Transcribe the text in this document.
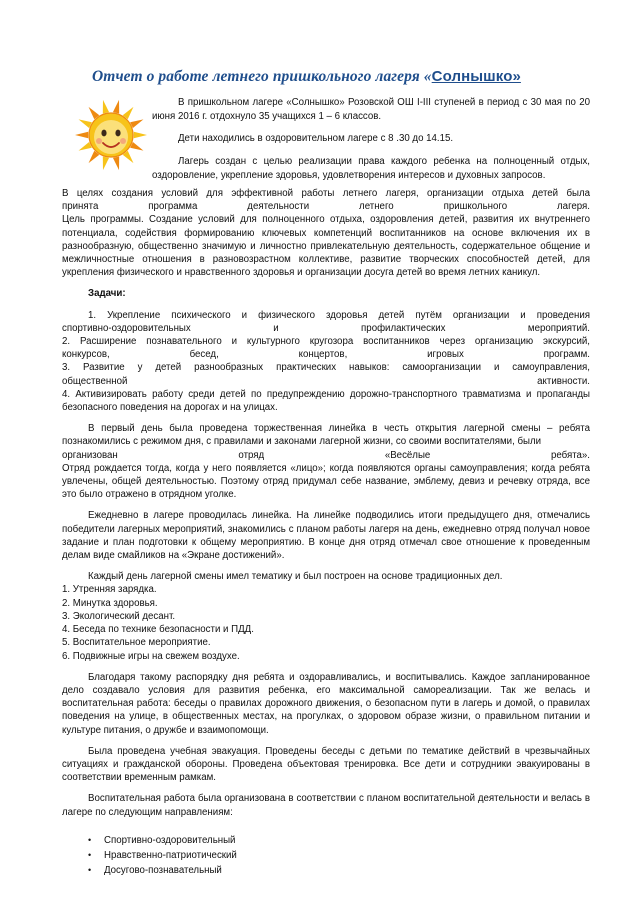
Отчет о работе летнего пришкольного лагеря «Солнышко»

В пришкольном лагере «Солнышко» Розовской ОШ I-III ступеней в период с 30 мая по 20 июня 2016 г. отдохнуло 35 учащихся 1 – 6 классов.

Дети находились в оздоровительном лагере с 8 .30 до 14.15.

Лагерь создан с целью реализации права каждого ребенка на полноценный отдых, оздоровление, укрепление здоровья, удовлетворения интересов и духовных запросов.

В целях создания условий для эффективной работы летнего лагеря, организации отдыха детей была

принята программа деятельности летнего пришкольного лагеря.

Цель программы. Создание условий для полноценного отдыха, оздоровления детей, развития их внутреннего потенциала, содействия формированию ключевых компетенций воспитанников на основе включения их в разнообразную, общественно значимую и личностно привлекательную деятельность, содержательное общение и межличностные отношения в разновозрастном коллективе, развитие творческих способностей детей, для укрепления физического и нравственного здоровья и организации досуга детей во время летних каникул.

Задачи:

1. Укрепление психического и физического здоровья детей путём организации и проведения

спортивно-оздоровительных и профилактических мероприятий.

2. Расширение познавательного и культурного кругозора воспитанников через организацию экскурсий,

конкурсов, бесед, концертов, игровых программ.

3. Развитие у детей разнообразных практических навыков: самоорганизации и самоуправления,

общественной активности.

4. Активизировать работу среди детей по предупреждению дорожно-транспортного травматизма и пропаганды безопасного поведения на дорогах и на улицах.

В первый день была проведена торжественная линейка в честь открытия лагерной смены – ребята познакомились с режимом дня, с правилами и законами лагерной жизни, со своими воспитателями, были

организован отряд «Весёлые ребята».

Отряд рождается тогда, когда у него появляется «лицо»; когда появляются органы самоуправления; когда ребята увлечены, общей деятельностью. Поэтому отряд придумал себе название, эмблему, девиз и речевку отряда, все это было отражено в отрядном уголке.

Ежедневно в лагере проводилась линейка. На линейке подводились итоги предыдущего дня, отмечались победители лагерных мероприятий, знакомились с планом работы лагеря на день, ежедневно отряд получал новое задание и план подготовки к общему мероприятию. В конце дня отряд отмечал свое отношение к проведенным делам виде смайликов на «Экране достижений».

Каждый день лагерной смены имел тематику и был построен на основе традиционных дел.

1. Утренняя зарядка.
2. Минутка здоровья.
3. Экологический десант.
4. Беседа по технике безопасности и ПДД.
5. Воспитательное мероприятие.
6. Подвижные игры на свежем воздухе.

Благодаря такому распорядку дня ребята и оздоравливались, и воспитывались. Каждое запланированное дело создавало условия для развития ребенка, его максимальной самореализации. Так же велась и воспитательная работа: беседы о правилах дорожного движения, о безопасном пути в лагерь и домой, о правилах поведения на улице, в общественных местах, на прогулках, о здоровом образе жизни, о правильном питании и культуре питания, о дружбе и взаимопомощи.

Была проведена учебная эвакуация. Проведены беседы с детьми по тематике действий в чрезвычайных ситуациях и гражданской обороны. Проведена объектовая тренировка. Все дети и сотрудники эвакуированы в соответствии временным рамкам.

Воспитательная работа была организована в соответствии с планом воспитательной деятельности и велась в лагере по следующим направлениям:

• Спортивно-оздоровительный
• Нравственно-патриотический
• Досугово-познавательный
